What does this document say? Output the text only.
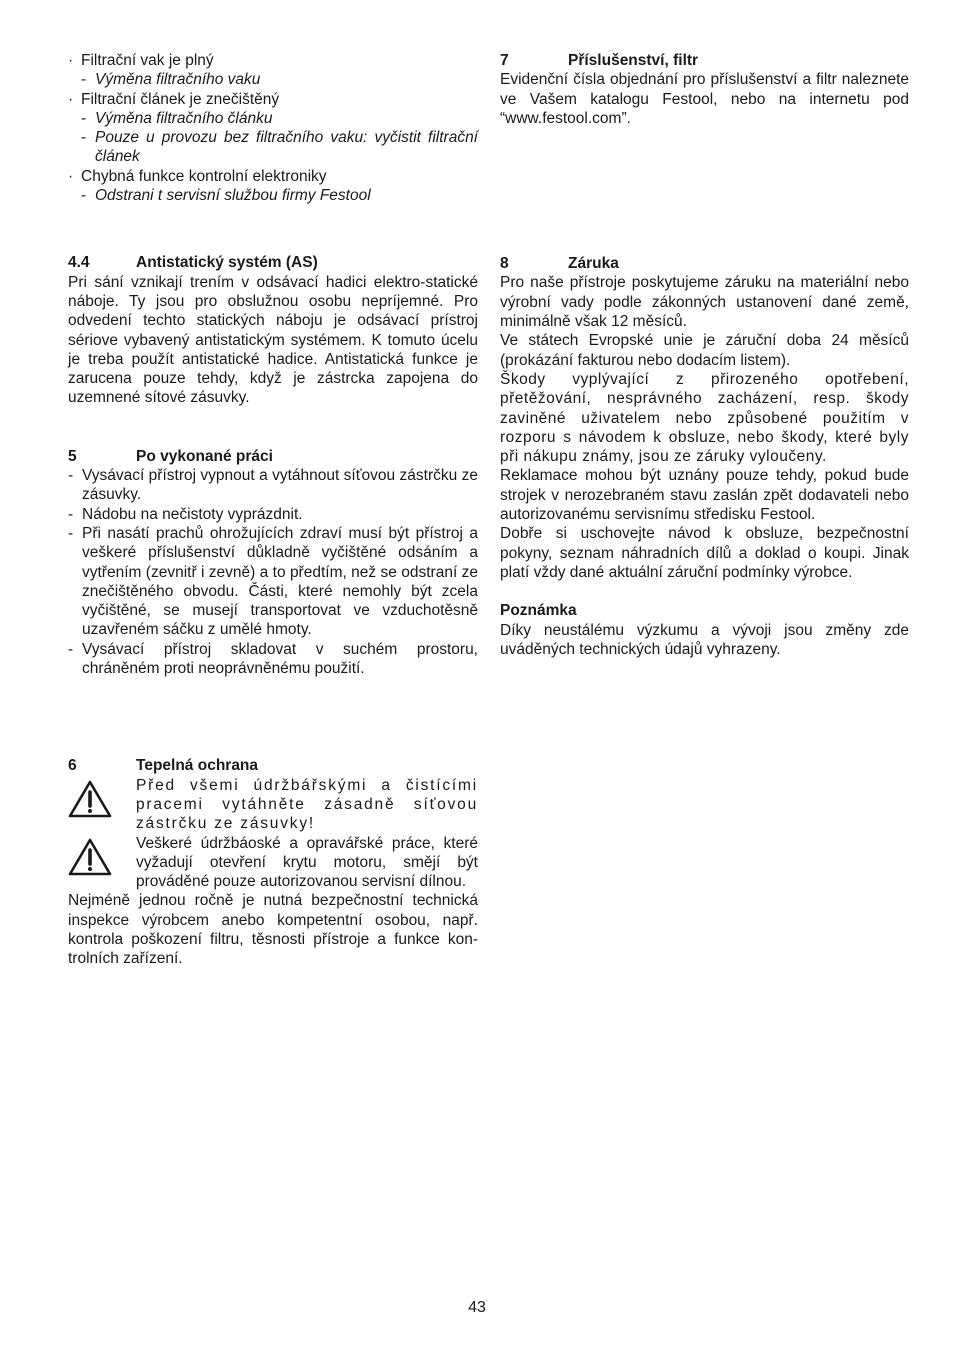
· Filtrační vak je plný
- Výměna filtračního vaku
· Filtrační článek je znečištěný
- Výměna filtračního článku
- Pouze u provozu bez filtračního vaku: vyčistit filtrační článek
· Chybná funkce kontrolní elektroniky
- Odstrani t servisní službou firmy Festool
4.4	Antistatický systém (AS)

Pri sání vznikají trením v odsávací hadici elektro-statické náboje. Ty jsou pro obslužnou osobu nepríjemné. Pro odvedení techto statických náboju je odsávací prístroj sériove vybavený antistatickým systémem. K tomuto úcelu je treba použít antistatické hadice. Antistatická funkce je zarucena pouze tehdy, když je zástrcka zapojena do uzemnené sítové zásuvky.

5	Po vykonané práci
- Vysávací přístroj vypnout a vytáhnout síťovou zástrčku ze zásuvky.
- Nádobu na nečistoty vyprázdnit.
- Při nasátí prachů ohrožujících zdraví musí být přístroj a veškeré příslušenství důkladně vyčištěné odsáním a vytřením (zevnitř i zevně) a to předtím, než se odstraní ze znečištěného obvodu. Části, které nemohly být zcela vyčištěné, se musejí transportovat ve vzduchotěsně uzavřeném sáčku z umělé hmoty.
- Vysávací přístroj skladovat v suchém prostoru, chráněném proti neoprávněnému použití.
6	Tepelná ochrana
Před všemi údržbářskými a čistícími pracemi vytáhněte zásadně síťovou zástrčku ze zásuvky!
Veškeré údržbáoské a opravářské práce, které vyžadují otevření krytu motoru, smějí být prováděné pouze autorizovanou servisní dílnou.

Nejméně jednou ročně je nutná bezpečnostní technická inspekce výrobcem anebo kompetentní osobou, např. kontrola poškození filtru, těsnosti přístroje a funkce kon-trolních zařízení.

7	Příslušenství, filtr

Evidenční čísla objednání pro příslušenství a filtr naleznete ve Vašem katalogu Festool, nebo na internetu pod “www.festool.com”.

8	Záruka

Pro naše přístroje poskytujeme záruku na materiální nebo výrobní vady podle zákonných ustanovení dané země, minimálně však 12 měsíců.

Ve státech Evropské unie je záruční doba 24 měsíců (prokázání fakturou nebo dodacím listem).

Škody vyplývající z přirozeného opotřebení, přetěžování, nesprávného zacházení, resp. škody zaviněné uživatelem nebo způsobené použitím v rozporu s návodem k obsluze, nebo škody, které byly při nákupu známy, jsou ze záruky vyloučeny.

Reklamace mohou být uznány pouze tehdy, pokud bude strojek v nerozebraném stavu zaslán zpět dodavateli nebo autorizovanému servisnímu středisku Festool.

Dobře si uschovejte návod k obsluze, bezpečnostní pokyny, seznam náhradních dílů a doklad o koupi. Jinak platí vždy dané aktuální záruční podmínky výrobce.

Poznámka

Díky neustálému výzkumu a vývoji jsou změny zde uváděných technických údajů vyhrazeny.

43
